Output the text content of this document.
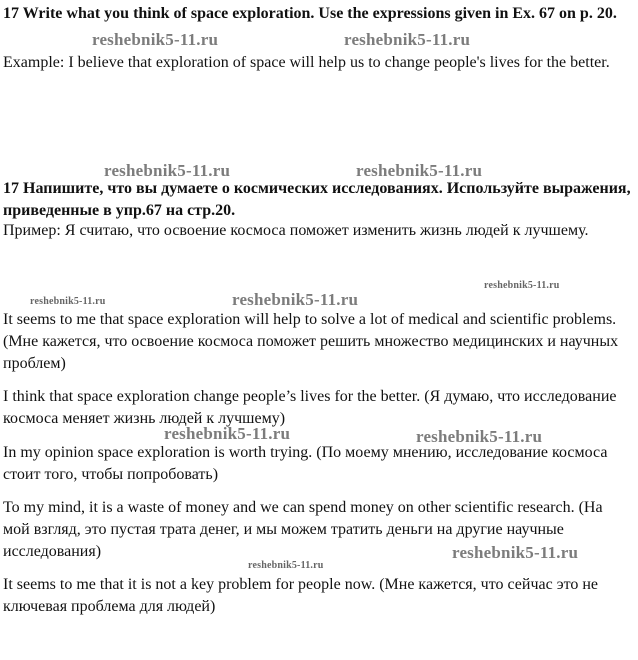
17 Write what you think of space exploration. Use the expressions given in Ex. 67 on p. 20.

Example: I believe that exploration of space will help us to change people's lives for the better.

17 Напишите, что вы думаете о космических исследованиях. Используйте выражения, приведенные в упр.67 на стр.20.

Пример: Я считаю, что освоение космоса поможет изменить жизнь людей к лучшему.

It seems to me that space exploration will help to solve a lot of medical and scientific problems. (Мне кажется, что освоение космоса поможет решить множество медицинских и научных проблем)

I think that space exploration change people’s lives for the better. (Я думаю, что исследование космоса меняет жизнь людей к лучшему)

In my opinion space exploration is worth trying. (По моему мнению, исследование космоса стоит того, чтобы попробовать)

To my mind, it is a waste of money and we can spend money on other scientific research. (На мой взгляд, это пустая трата денег, и мы можем тратить деньги на другие научные исследования)

It seems to me that it is not a key problem for people now. (Мне кажется, что сейчас это не ключевая проблема для людей)

reshebnik5-11.ru	reshebnik5-11.ru
reshebnik5-11.ru	reshebnik5-11.ru
reshebnik5-11.ru
reshebnik5-11.ru	reshebnik5-11.ru
reshebnik5-11.ru	reshebnik5-11.ru
reshebnik5-11.ru
reshebnik5-11.ru
